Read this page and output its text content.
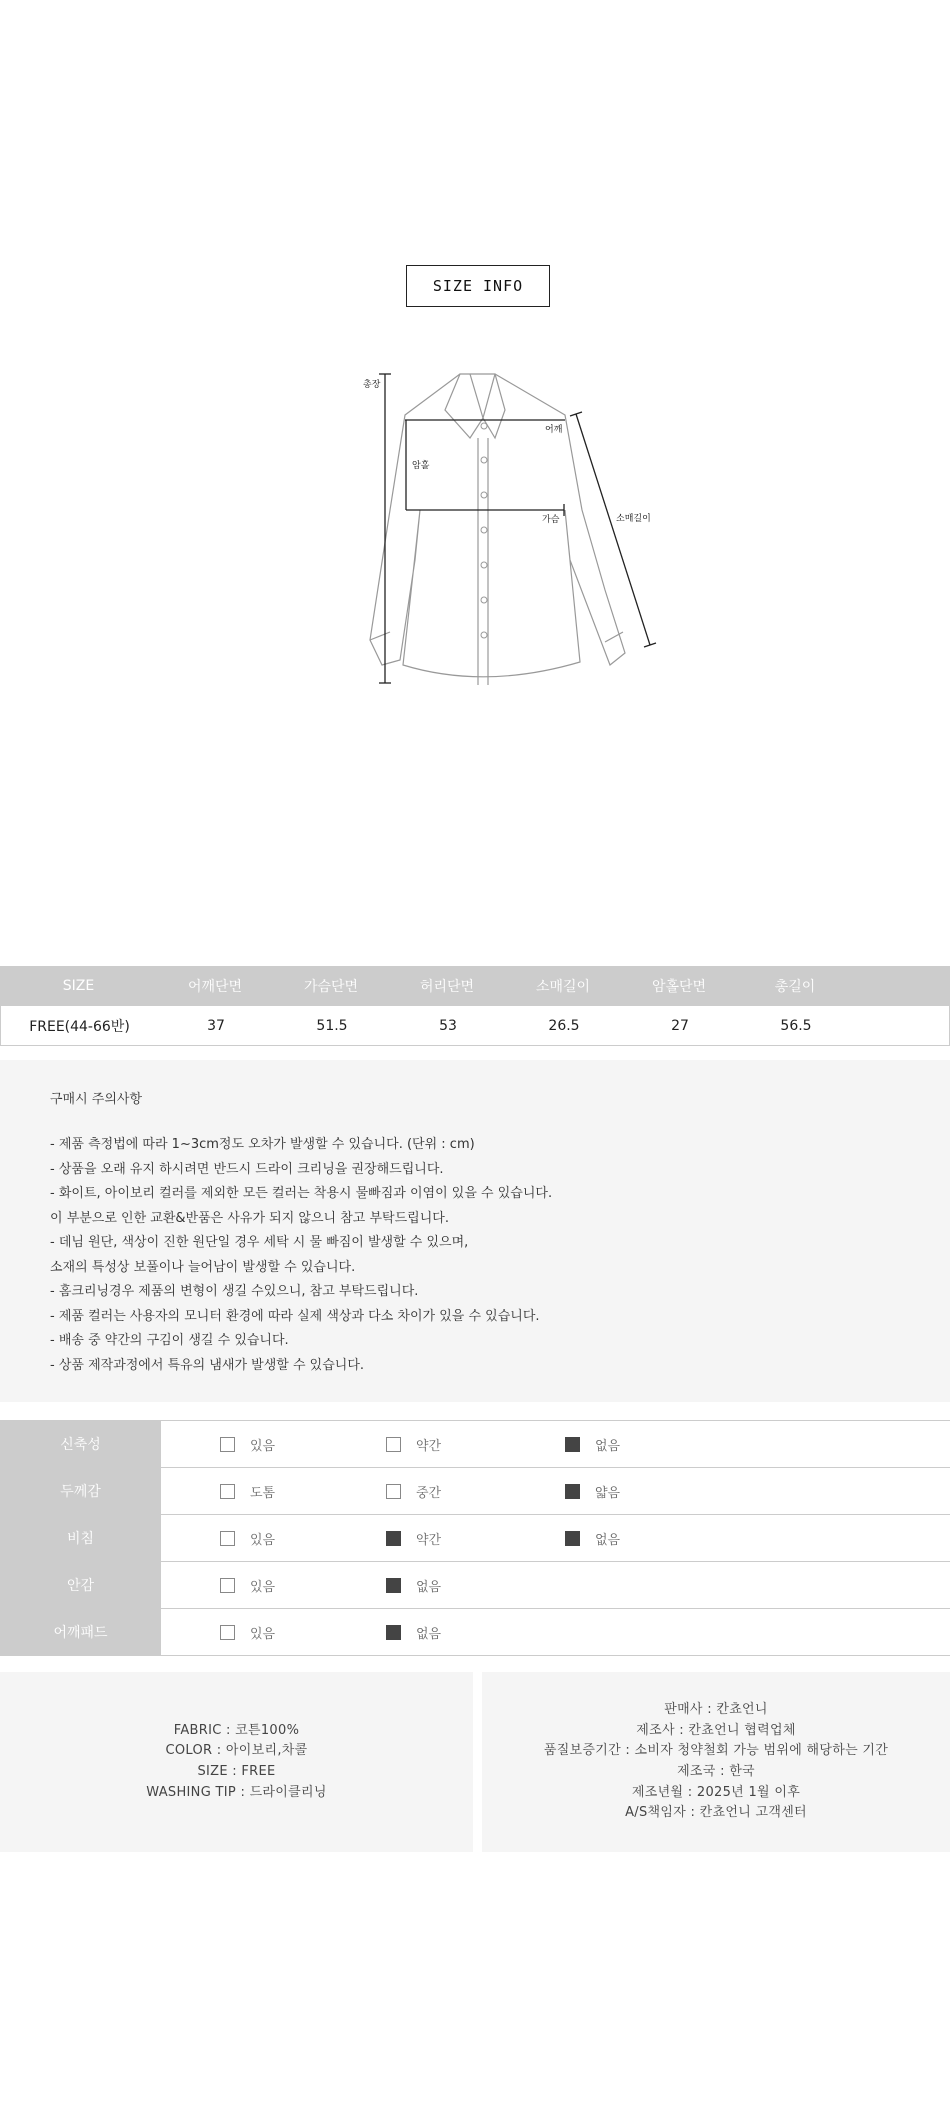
SIZE INFO
총장
어깨
암홀
가슴	소매길이
SIZE	어깨단면	가슴단면	허리단면	소매길이	암홀단면	총길이
FREE(44-66반)	37	51.5	53	26.5	27	56.5
구매시 주의사항
- 제품 측정법에 따라 1~3cm정도 오차가 발생할 수 있습니다. (단위 : cm)
- 상품을 오래 유지 하시려면 반드시 드라이 크리닝을 권장해드립니다.
- 화이트, 아이보리 컬러를 제외한 모든 컬러는 착용시 물빠짐과 이염이 있을 수 있습니다.
이 부분으로 인한 교환&반품은 사유가 되지 않으니 참고 부탁드립니다.
- 데님 원단, 색상이 진한 원단일 경우 세탁 시 물 빠짐이 발생할 수 있으며,
소재의 특성상 보풀이나 늘어남이 발생할 수 있습니다.
- 홈크리닝경우 제품의 변형이 생길 수있으니, 참고 부탁드립니다.
- 제품 컬러는 사용자의 모니터 환경에 따라 실제 색상과 다소 차이가 있을 수 있습니다.
- 배송 중 약간의 구김이 생길 수 있습니다.
- 상품 제작과정에서 특유의 냄새가 발생할 수 있습니다.
신축성	있음	약간	없음
두께감	도톰	중간	얇음
비침	있음	약간	없음
안감	있음	없음
어깨패드	있음	없음
FABRIC : 코튼100%
COLOR : 아이보리,차콜
SIZE : FREE
WASHING TIP : 드라이클리닝
판매사 : 칸쵸언니
제조사 : 칸쵸언니 협력업체
품질보증기간 : 소비자 청약철회 가능 범위에 해당하는 기간
제조국 : 한국
제조년월 : 2025년 1월 이후
A/S책임자 : 칸쵸언니 고객센터
